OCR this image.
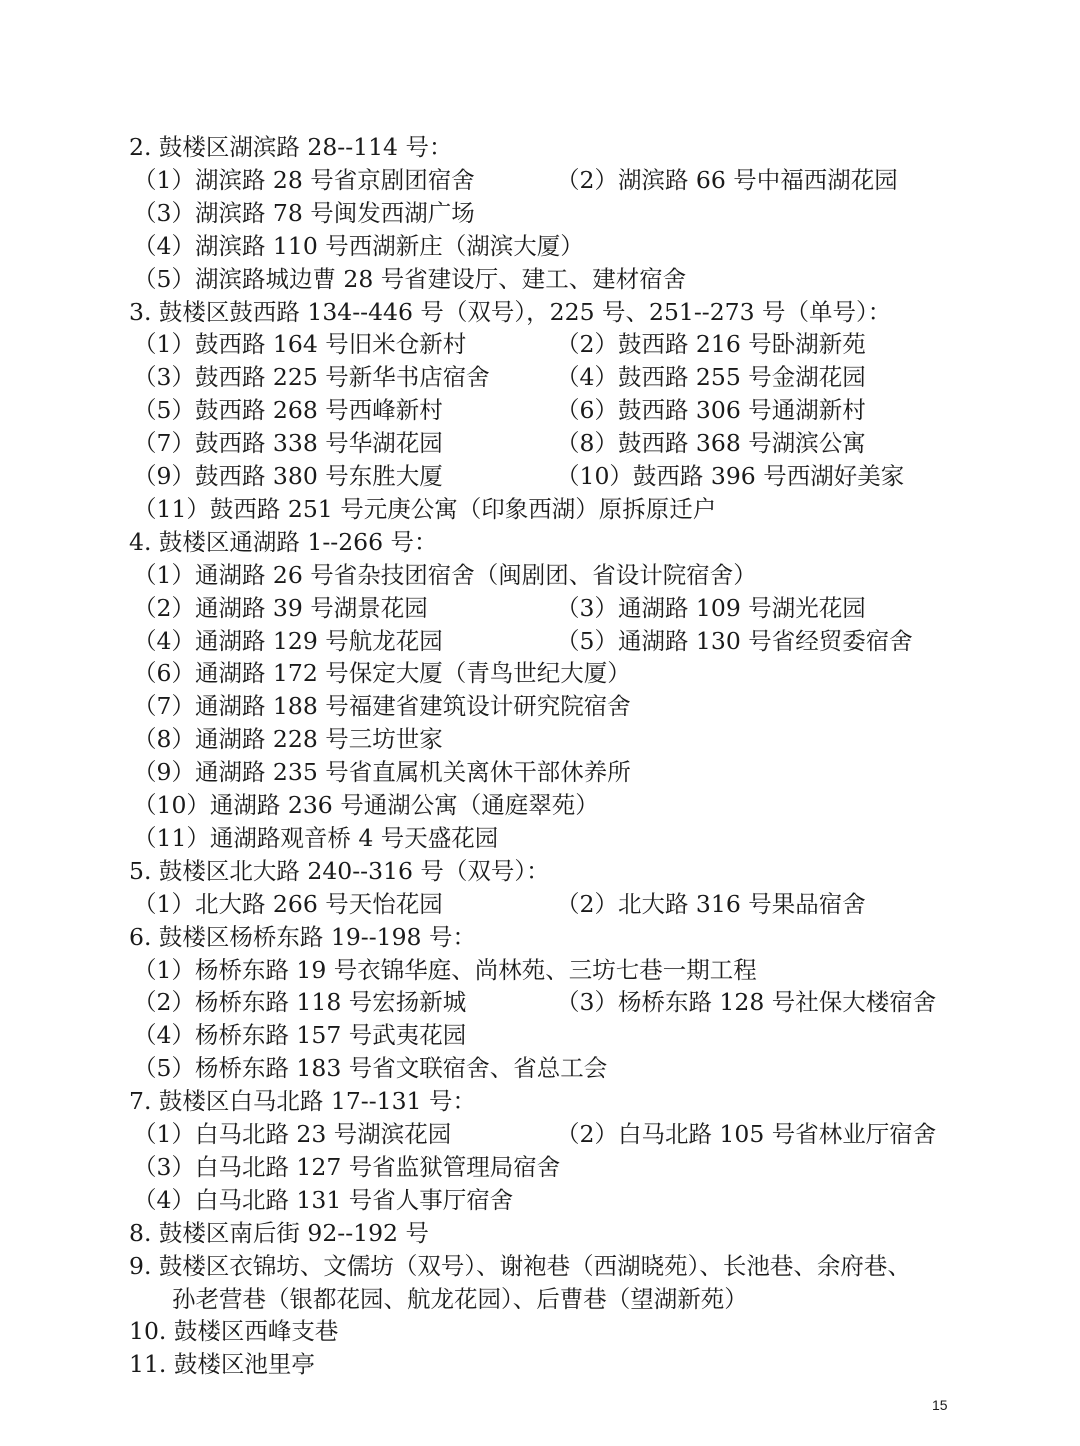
2. 鼓楼区湖滨路 28--114 号：
（1）湖滨路 28 号省京剧团宿舍	（2）湖滨路 66 号中福西湖花园
（3）湖滨路 78 号闽发西湖广场
（4）湖滨路 110 号西湖新庄（湖滨大厦）
（5）湖滨路城边曹 28 号省建设厅、建工、建材宿舍
3. 鼓楼区鼓西路 134--446 号（双号），225 号、251--273 号（单号）：
（1）鼓西路 164 号旧米仓新村	（2）鼓西路 216 号卧湖新苑
（3）鼓西路 225 号新华书店宿舍	（4）鼓西路 255 号金湖花园
（5）鼓西路 268 号西峰新村	（6）鼓西路 306 号通湖新村
（7）鼓西路 338 号华湖花园	（8）鼓西路 368 号湖滨公寓
（9）鼓西路 380 号东胜大厦	（10）鼓西路 396 号西湖好美家
（11）鼓西路 251 号元庚公寓（印象西湖）原拆原迁户
4. 鼓楼区通湖路 1--266 号：
（1）通湖路 26 号省杂技团宿舍（闽剧团、省设计院宿舍）
（2）通湖路 39 号湖景花园	（3）通湖路 109 号湖光花园
（4）通湖路 129 号航龙花园	（5）通湖路 130 号省经贸委宿舍
（6）通湖路 172 号保定大厦（青鸟世纪大厦）
（7）通湖路 188 号福建省建筑设计研究院宿舍
（8）通湖路 228 号三坊世家
（9）通湖路 235 号省直属机关离休干部休养所
（10）通湖路 236 号通湖公寓（通庭翠苑）
（11）通湖路观音桥 4 号天盛花园
5. 鼓楼区北大路 240--316 号（双号）：
（1）北大路 266 号天怡花园	（2）北大路 316 号果品宿舍
6. 鼓楼区杨桥东路 19--198 号：
（1）杨桥东路 19 号衣锦华庭、尚林苑、三坊七巷一期工程
（2）杨桥东路 118 号宏扬新城	（3）杨桥东路 128 号社保大楼宿舍
（4）杨桥东路 157 号武夷花园
（5）杨桥东路 183 号省文联宿舍、省总工会
7. 鼓楼区白马北路 17--131 号：
（1）白马北路 23 号湖滨花园	（2）白马北路 105 号省林业厅宿舍
（3）白马北路 127 号省监狱管理局宿舍
（4）白马北路 131 号省人事厅宿舍
8. 鼓楼区南后街 92--192 号
9. 鼓楼区衣锦坊、文儒坊（双号）、谢袍巷（西湖晓苑）、长池巷、余府巷、
孙老营巷（银都花园、航龙花园）、后曹巷（望湖新苑）
10. 鼓楼区西峰支巷
11. 鼓楼区池里亭
15
